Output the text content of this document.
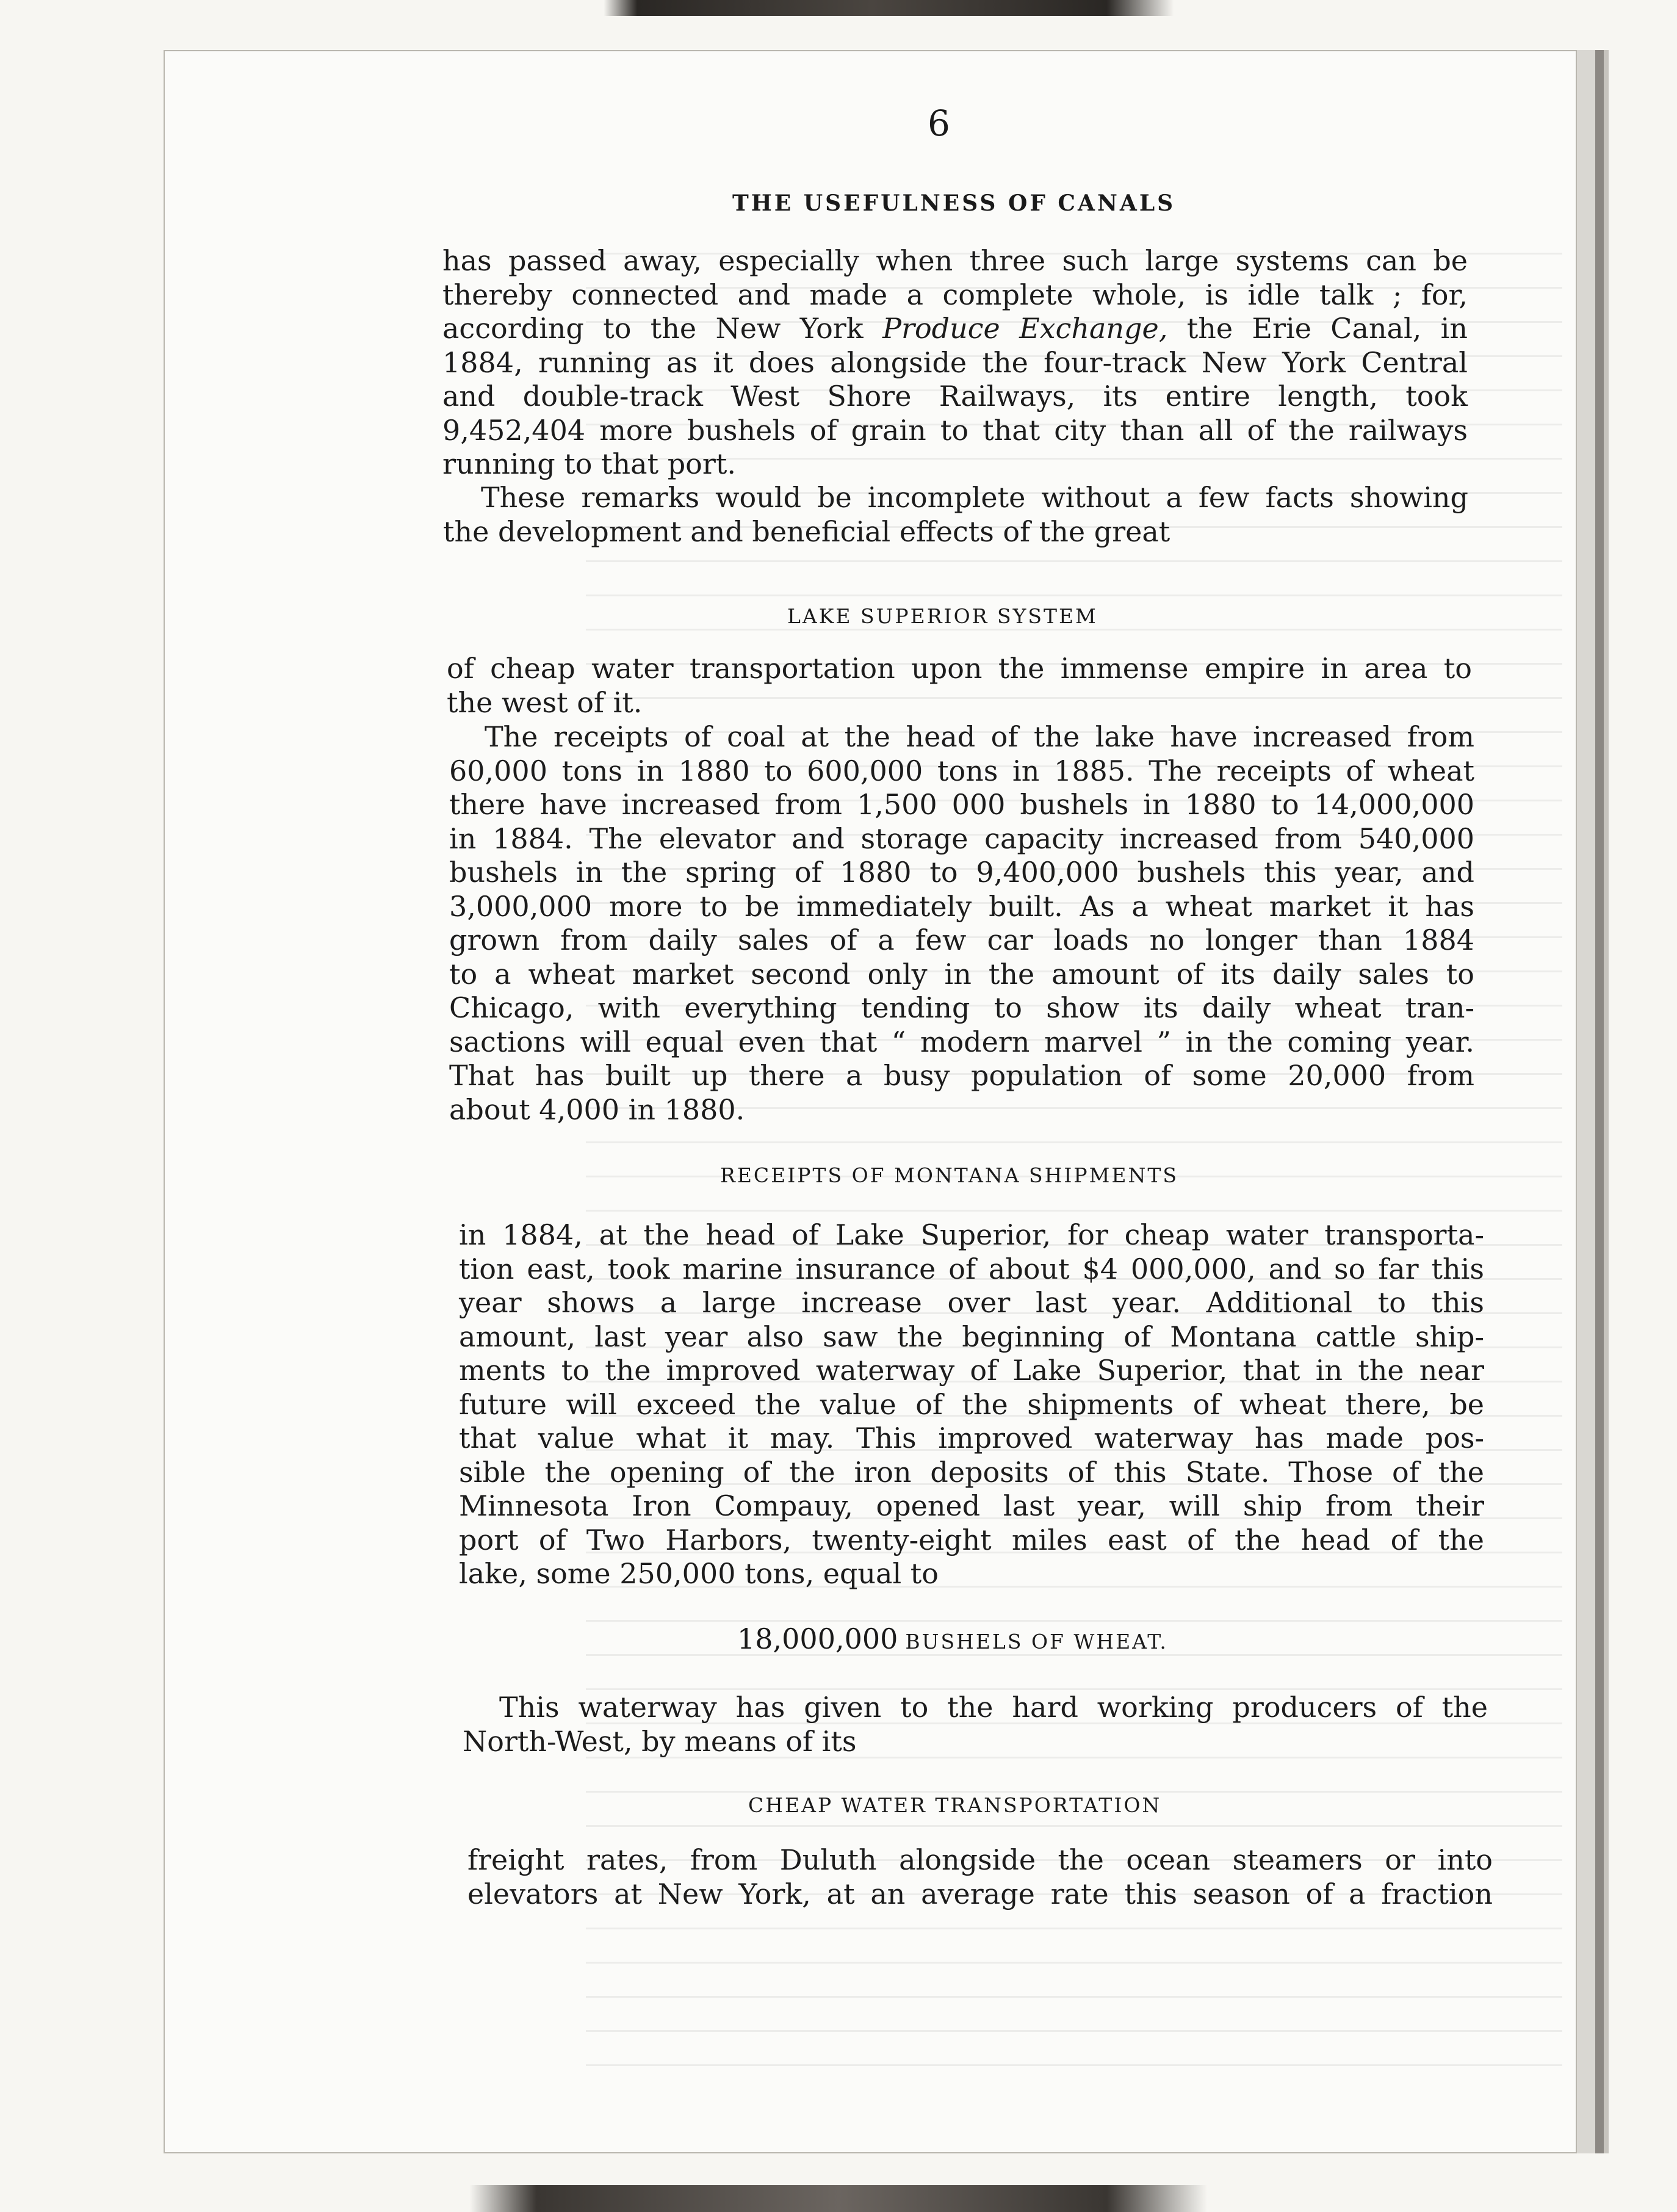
6
THE USEFULNESS OF CANALS
has passed away, especially when three such large systems can be
thereby connected and made a complete whole, is idle talk ; for,
according to the New York Produce Exchange, the Erie Canal, in
1884, running as it does alongside the four-track New York Central
and double-track West Shore Railways, its entire length, took
9,452,404 more bushels of grain to that city than all of the railways
running to that port.
These remarks would be incomplete without a few facts showing
the development and beneficial effects of the great
LAKE SUPERIOR SYSTEM
of cheap water transportation upon the immense empire in area to
the west of it.
The receipts of coal at the head of the lake have increased from
60,000 tons in 1880 to 600,000 tons in 1885. The receipts of wheat
there have increased from 1,500 000 bushels in 1880 to 14,000,000
in 1884. The elevator and storage capacity increased from 540,000
bushels in the spring of 1880 to 9,400,000 bushels this year, and
3,000,000 more to be immediately built. As a wheat market it has
grown from daily sales of a few car loads no longer than 1884
to a wheat market second only in the amount of its daily sales to
Chicago, with everything tending to show its daily wheat tran-
sactions will equal even that “ modern marvel ” in the coming year.
That has built up there a busy population of some 20,000 from
about 4,000 in 1880.
RECEIPTS OF MONTANA SHIPMENTS
in 1884, at the head of Lake Superior, for cheap water transporta-
tion east, took marine insurance of about $4 000,000, and so far this
year shows a large increase over last year. Additional to this
amount, last year also saw the beginning of Montana cattle ship-
ments to the improved waterway of Lake Superior, that in the near
future will exceed the value of the shipments of wheat there, be
that value what it may. This improved waterway has made pos-
sible the opening of the iron deposits of this State. Those of the
Minnesota Iron Compauy, opened last year, will ship from their
port of Two Harbors, twenty-eight miles east of the head of the
lake, some 250,000 tons, equal to
18,000,000 BUSHELS OF WHEAT.
This waterway has given to the hard working producers of the
North-West, by means of its
CHEAP WATER TRANSPORTATION
freight rates, from Duluth alongside the ocean steamers or into
elevators at New York, at an average rate this season of a fraction
